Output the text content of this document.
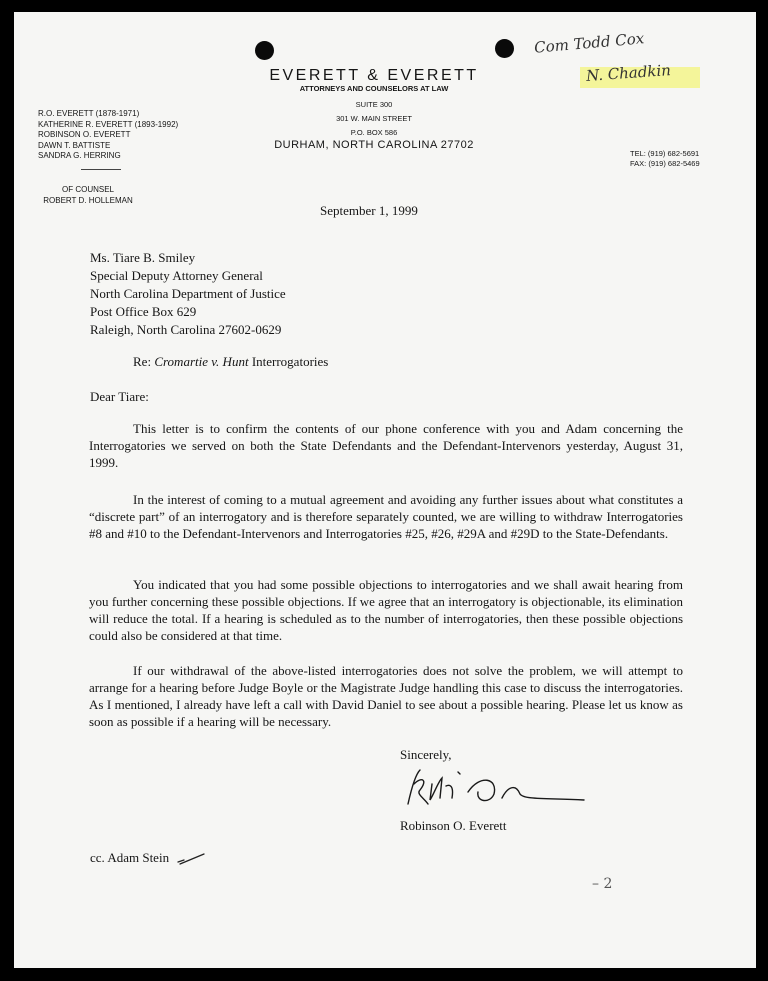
Com Todd Cox
N. Chadkin
EVERETT & EVERETT
ATTORNEYS AND COUNSELORS AT LAW
SUITE 300
301 W. MAIN STREET
P.O. BOX 586
DURHAM, NORTH CAROLINA 27702
R.O. EVERETT (1878-1971)
KATHERINE R. EVERETT (1893-1992)
ROBINSON O. EVERETT
DAWN T. BATTISTE
SANDRA G. HERRING
OF COUNSEL
ROBERT D. HOLLEMAN
TEL: (919) 682-5691
FAX: (919) 682-5469
September 1, 1999
Ms. Tiare B. Smiley
Special Deputy Attorney General
North Carolina Department of Justice
Post Office Box 629
Raleigh, North Carolina 27602-0629
Re: Cromartie v. Hunt Interrogatories
Dear Tiare:

This letter is to confirm the contents of our phone conference with you and Adam concerning the Interrogatories we served on both the State Defendants and the Defendant-Intervenors yesterday, August 31, 1999.

In the interest of coming to a mutual agreement and avoiding any further issues about what constitutes a “discrete part” of an interrogatory and is therefore separately counted, we are willing to withdraw Interrogatories #8 and #10 to the Defendant-Intervenors and Interrogatories #25, #26, #29A and #29D to the State-Defendants.

You indicated that you had some possible objections to interrogatories and we shall await hearing from you further concerning these possible objections. If we agree that an interrogatory is objectionable, its elimination will reduce the total. If a hearing is scheduled as to the number of interrogatories, then these possible objections could also be considered at that time.

If our withdrawal of the above-listed interrogatories does not solve the problem, we will attempt to arrange for a hearing before Judge Boyle or the Magistrate Judge handling this case to discuss the interrogatories. As I mentioned, I already have left a call with David Daniel to see about a possible hearing. Please let us know as soon as possible if a hearing will be necessary.

Sincerely,
Robinson O. Everett
cc. Adam Stein
– 2
